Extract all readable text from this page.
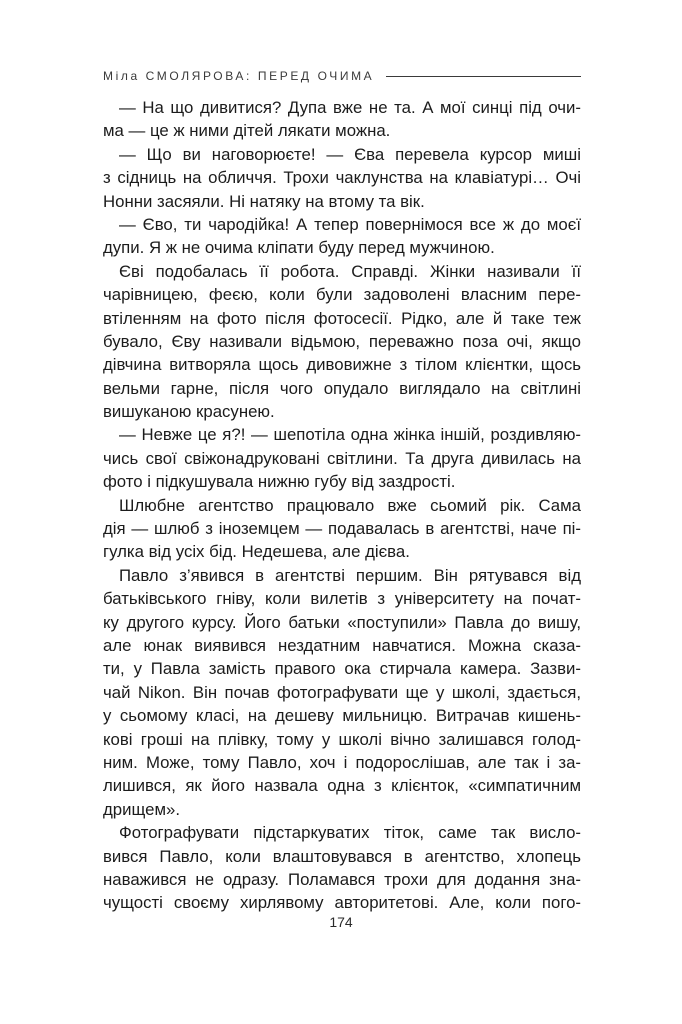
Міла СМОЛЯРОВА: ПЕРЕД ОЧИМА
— На що дивитися? Дупа вже не та. А мої синці під очи-
ма — це ж ними дітей лякати можна.
— Що ви наговорюєте! — Єва перевела курсор миші
з сідниць на обличчя. Трохи чаклунства на клавіатурі… Очі
Нонни засяяли. Ні натяку на втому та вік.
— Єво, ти чародійка! А тепер повернімося все ж до моєї
дупи. Я ж не очима кліпати буду перед мужчиною.
Єві подобалась її робота. Справді. Жінки називали її
чарівницею, феєю, коли були задоволені власним пере-
втіленням на фото після фотосесії. Рідко, але й таке теж
бувало, Єву називали відьмою, переважно поза очі, якщо
дівчина витворяла щось дивовижне з тілом клієнтки, щось
вельми гарне, після чого опудало виглядало на світлині
вишуканою красунею.
— Невже це я?! — шепотіла одна жінка іншій, роздивляю-
чись свої свіжонадруковані світлини. Та друга дивилась на
фото і підкушувала нижню губу від заздрості.
Шлюбне агентство працювало вже сьомий рік. Сама
дія — шлюб з іноземцем — подавалась в агентстві, наче пі-
гулка від усіх бід. Недешева, але дієва.
Павло з’явився в агентстві першим. Він рятувався від
батьківського гніву, коли вилетів з університету на почат-
ку другого курсу. Його батьки «поступили» Павла до вишу,
але юнак виявився нездатним навчатися. Можна сказа-
ти, у Павла замість правого ока стирчала камера. Зазви-
чай Nikon. Він почав фотографувати ще у школі, здається,
у сьомому класі, на дешеву мильницю. Витрачав кишень-
кові гроші на плівку, тому у школі вічно залишався голод-
ним. Може, тому Павло, хоч і подорослішав, але так і за-
лишився, як його назвала одна з клієнток, «симпатичним
дрищем».
Фотографувати підстаркуватих тіток, саме так висло-
вився Павло, коли влаштовувався в агентство, хлопець
наважився не одразу. Поламався трохи для додання зна-
чущості своєму хирлявому авторитетові. Але, коли пого-
174
